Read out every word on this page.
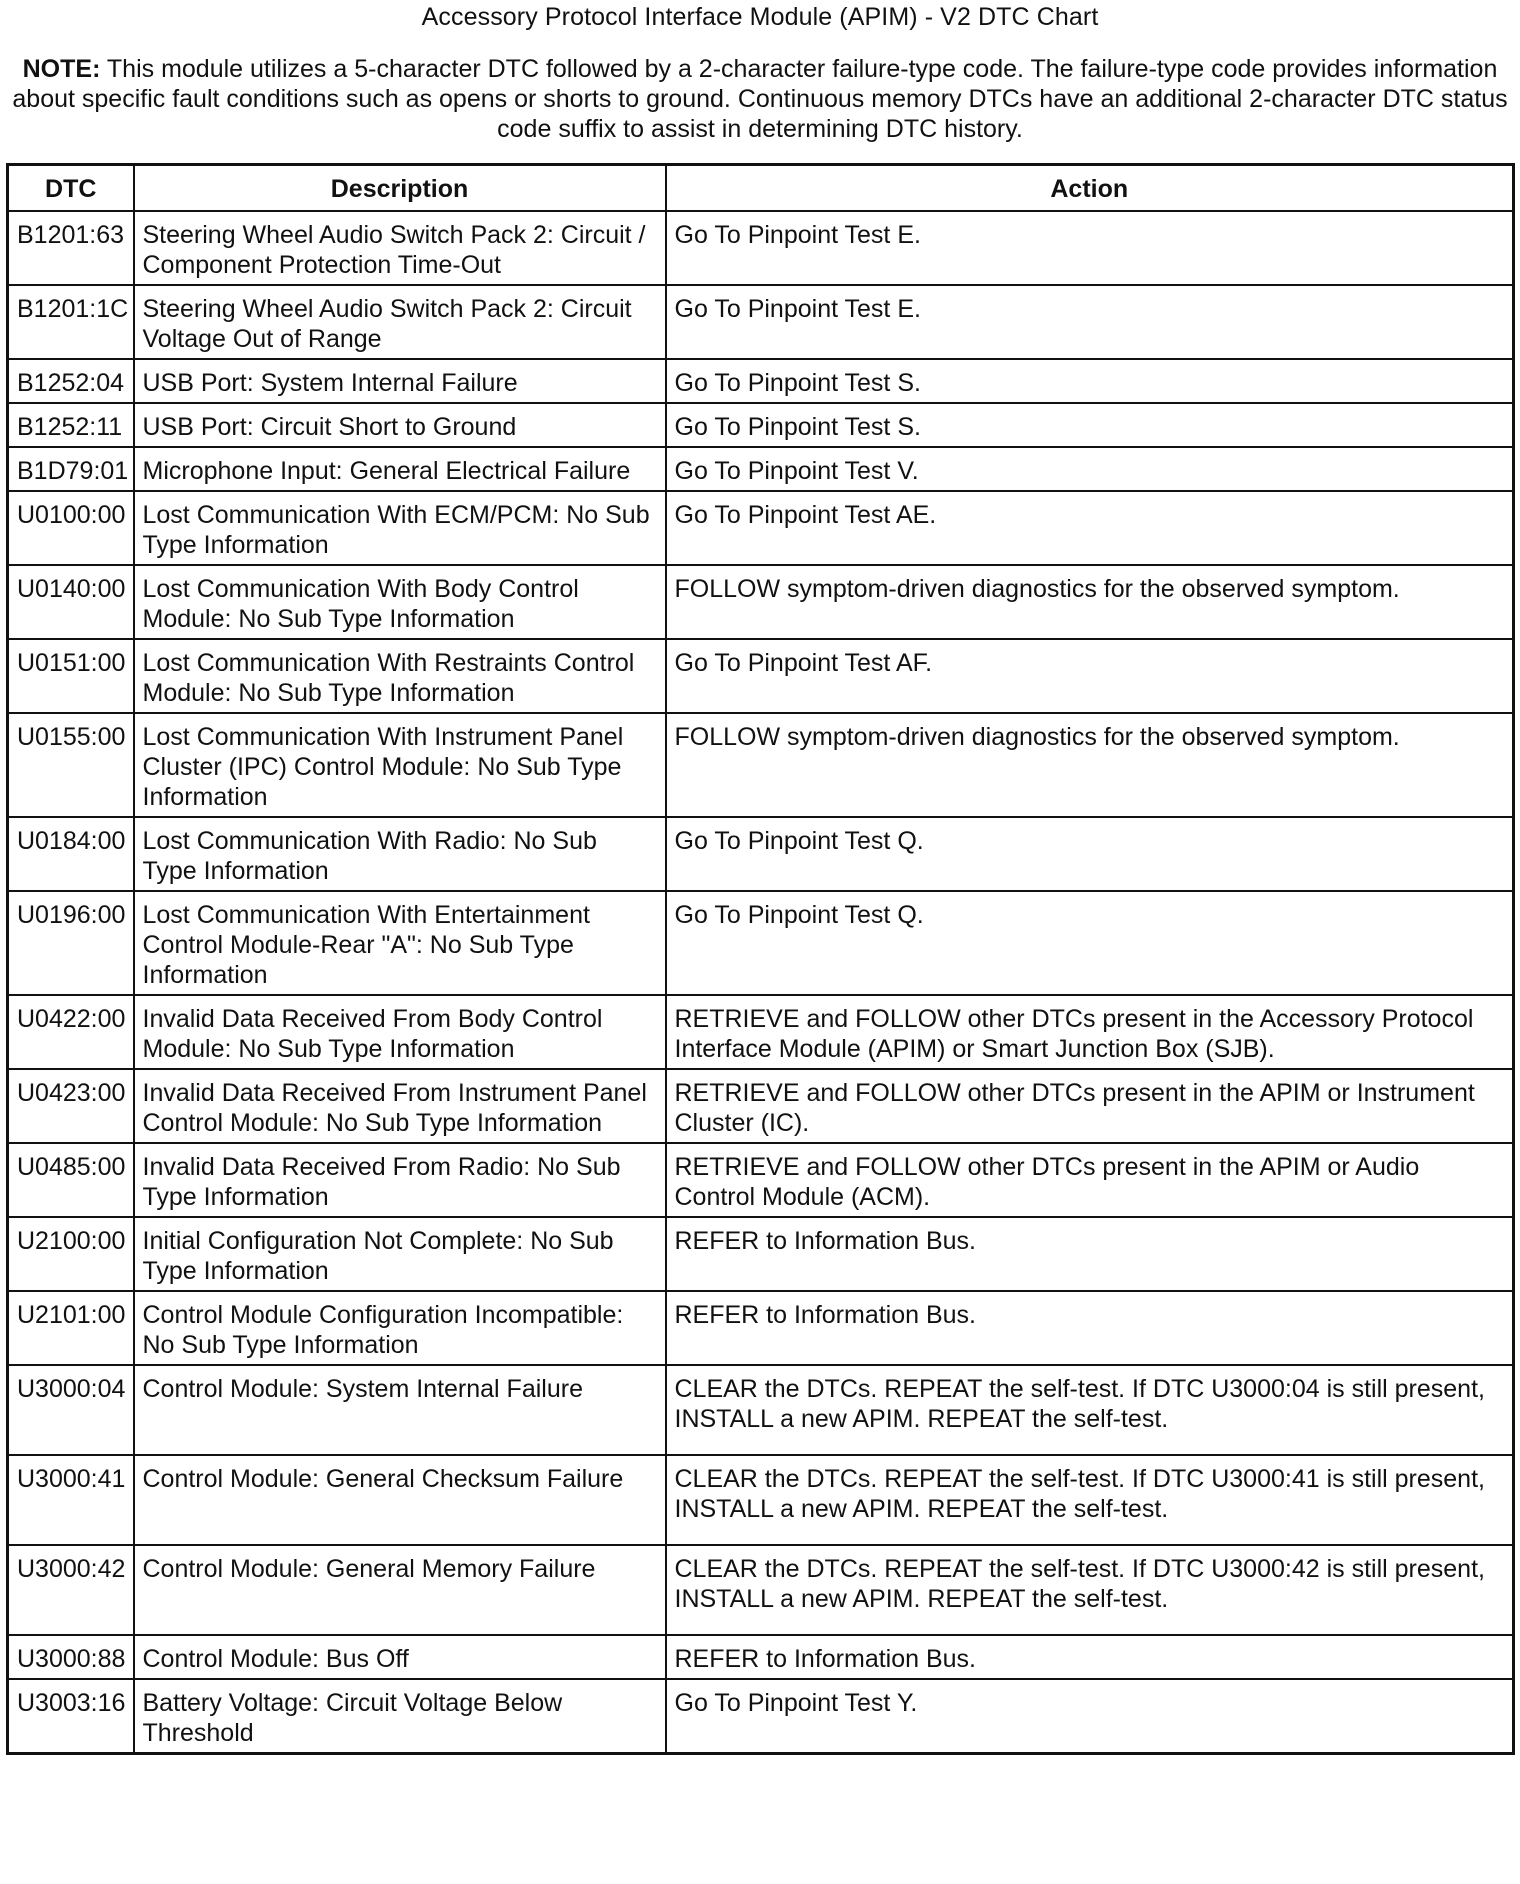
Accessory Protocol Interface Module (APIM) - V2 DTC Chart
NOTE: This module utilizes a 5-character DTC followed by a 2-character failure-type code. The failure-type code provides information about specific fault conditions such as opens or shorts to ground. Continuous memory DTCs have an additional 2-character DTC status code suffix to assist in determining DTC history.
DTC	Description	Action
B1201:63	Steering Wheel Audio Switch Pack 2: Circuit / Component Protection Time-Out	Go To Pinpoint Test E.
B1201:1C	Steering Wheel Audio Switch Pack 2: Circuit Voltage Out of Range	Go To Pinpoint Test E.
B1252:04	USB Port: System Internal Failure	Go To Pinpoint Test S.
B1252:11	USB Port: Circuit Short to Ground	Go To Pinpoint Test S.
B1D79:01	Microphone Input: General Electrical Failure	Go To Pinpoint Test V.
U0100:00	Lost Communication With ECM/PCM: No Sub Type Information	Go To Pinpoint Test AE.
U0140:00	Lost Communication With Body Control Module: No Sub Type Information	FOLLOW symptom-driven diagnostics for the observed symptom.
U0151:00	Lost Communication With Restraints Control Module: No Sub Type Information	Go To Pinpoint Test AF.
U0155:00	Lost Communication With Instrument Panel Cluster (IPC) Control Module: No Sub Type Information	FOLLOW symptom-driven diagnostics for the observed symptom.
U0184:00	Lost Communication With Radio: No Sub Type Information	Go To Pinpoint Test Q.
U0196:00	Lost Communication With Entertainment Control Module-Rear "A": No Sub Type Information	Go To Pinpoint Test Q.
U0422:00	Invalid Data Received From Body Control Module: No Sub Type Information	RETRIEVE and FOLLOW other DTCs present in the Accessory Protocol Interface Module (APIM) or Smart Junction Box (SJB).
U0423:00	Invalid Data Received From Instrument Panel Control Module: No Sub Type Information	RETRIEVE and FOLLOW other DTCs present in the APIM or Instrument Cluster (IC).
U0485:00	Invalid Data Received From Radio: No Sub Type Information	RETRIEVE and FOLLOW other DTCs present in the APIM or Audio Control Module (ACM).
U2100:00	Initial Configuration Not Complete: No Sub Type Information	REFER to Information Bus.
U2101:00	Control Module Configuration Incompatible: No Sub Type Information	REFER to Information Bus.
U3000:04	Control Module: System Internal Failure	CLEAR the DTCs. REPEAT the self-test. If DTC U3000:04 is still present, INSTALL a new APIM. REPEAT the self-test.
U3000:41	Control Module: General Checksum Failure	CLEAR the DTCs. REPEAT the self-test. If DTC U3000:41 is still present, INSTALL a new APIM. REPEAT the self-test.
U3000:42	Control Module: General Memory Failure	CLEAR the DTCs. REPEAT the self-test. If DTC U3000:42 is still present, INSTALL a new APIM. REPEAT the self-test.
U3000:88	Control Module: Bus Off	REFER to Information Bus.
U3003:16	Battery Voltage: Circuit Voltage Below Threshold	Go To Pinpoint Test Y.
